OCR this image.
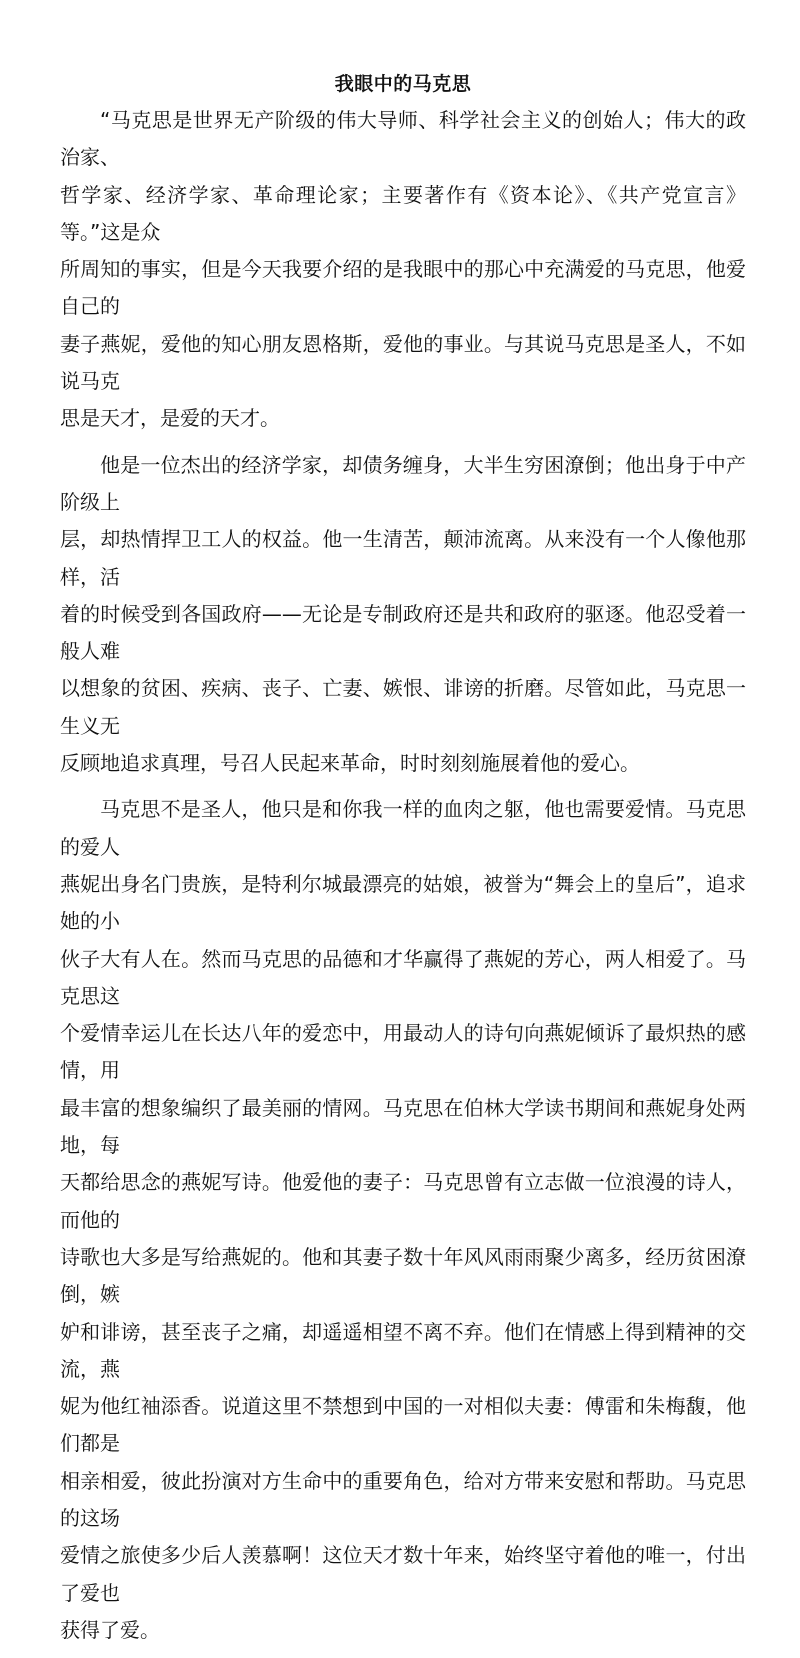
我眼中的马克思

“马克思是世界无产阶级的伟大导师、科学社会主义的创始人；伟大的政治家、
哲学家、经济学家、革命理论家；主要著作有《资本论》、《共产党宣言》等。”这是众
所周知的事实，但是今天我要介绍的是我眼中的那心中充满爱的马克思，他爱自己的
妻子燕妮，爱他的知心朋友恩格斯，爱他的事业。与其说马克思是圣人，不如说马克
思是天才，是爱的天才。

他是一位杰出的经济学家，却债务缠身，大半生穷困潦倒；他出身于中产阶级上
层，却热情捍卫工人的权益。他一生清苦，颠沛流离。从来没有一个人像他那样，活
着的时候受到各国政府——无论是专制政府还是共和政府的驱逐。他忍受着一般人难
以想象的贫困、疾病、丧子、亡妻、嫉恨、诽谤的折磨。尽管如此，马克思一生义无
反顾地追求真理，号召人民起来革命，时时刻刻施展着他的爱心。

马克思不是圣人，他只是和你我一样的血肉之躯，他也需要爱情。马克思的爱人
燕妮出身名门贵族，是特利尔城最漂亮的姑娘，被誉为“舞会上的皇后”，追求她的小
伙子大有人在。然而马克思的品德和才华赢得了燕妮的芳心，两人相爱了。马克思这
个爱情幸运儿在长达八年的爱恋中，用最动人的诗句向燕妮倾诉了最炽热的感情，用
最丰富的想象编织了最美丽的情网。马克思在伯林大学读书期间和燕妮身处两地，每
天都给思念的燕妮写诗。他爱他的妻子：马克思曾有立志做一位浪漫的诗人，而他的
诗歌也大多是写给燕妮的。他和其妻子数十年风风雨雨聚少离多，经历贫困潦倒，嫉
妒和诽谤，甚至丧子之痛，却遥遥相望不离不弃。他们在情感上得到精神的交流，燕
妮为他红袖添香。说道这里不禁想到中国的一对相似夫妻：傅雷和朱梅馥，他们都是
相亲相爱，彼此扮演对方生命中的重要角色，给对方带来安慰和帮助。马克思的这场
爱情之旅使多少后人羡慕啊！这位天才数十年来，始终坚守着他的唯一，付出了爱也
获得了爱。
